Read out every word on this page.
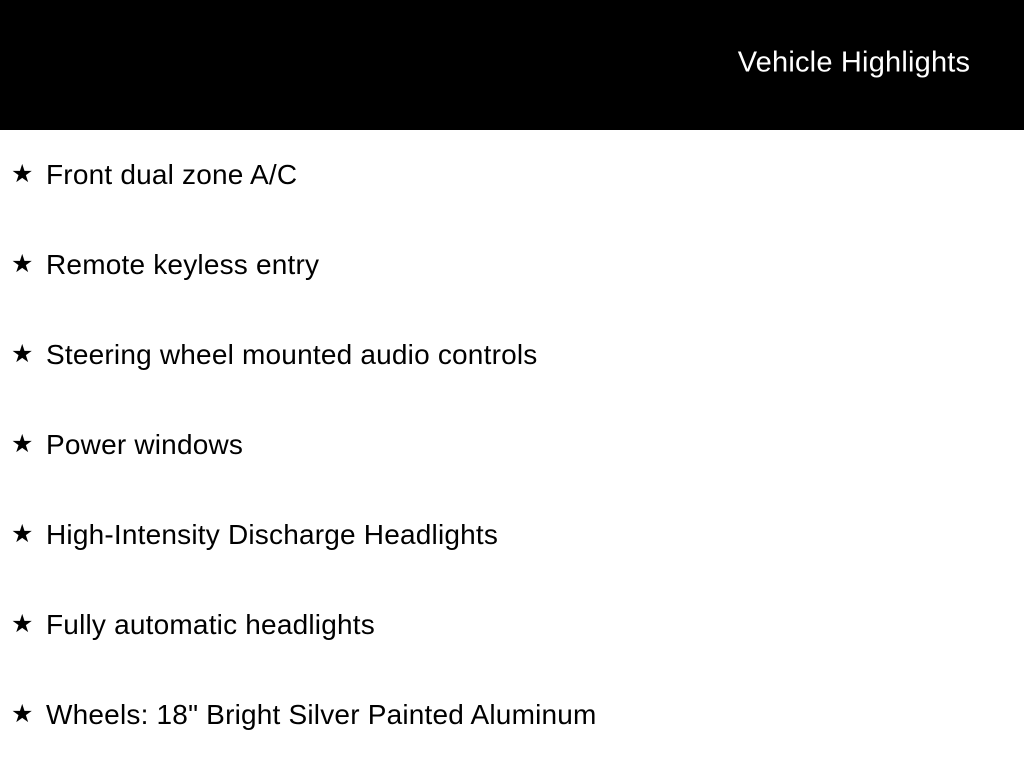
Vehicle Highlights
★ Front dual zone A/C
★ Remote keyless entry
★ Steering wheel mounted audio controls
★ Power windows
★ High-Intensity Discharge Headlights
★ Fully automatic headlights
★ Wheels: 18" Bright Silver Painted Aluminum
